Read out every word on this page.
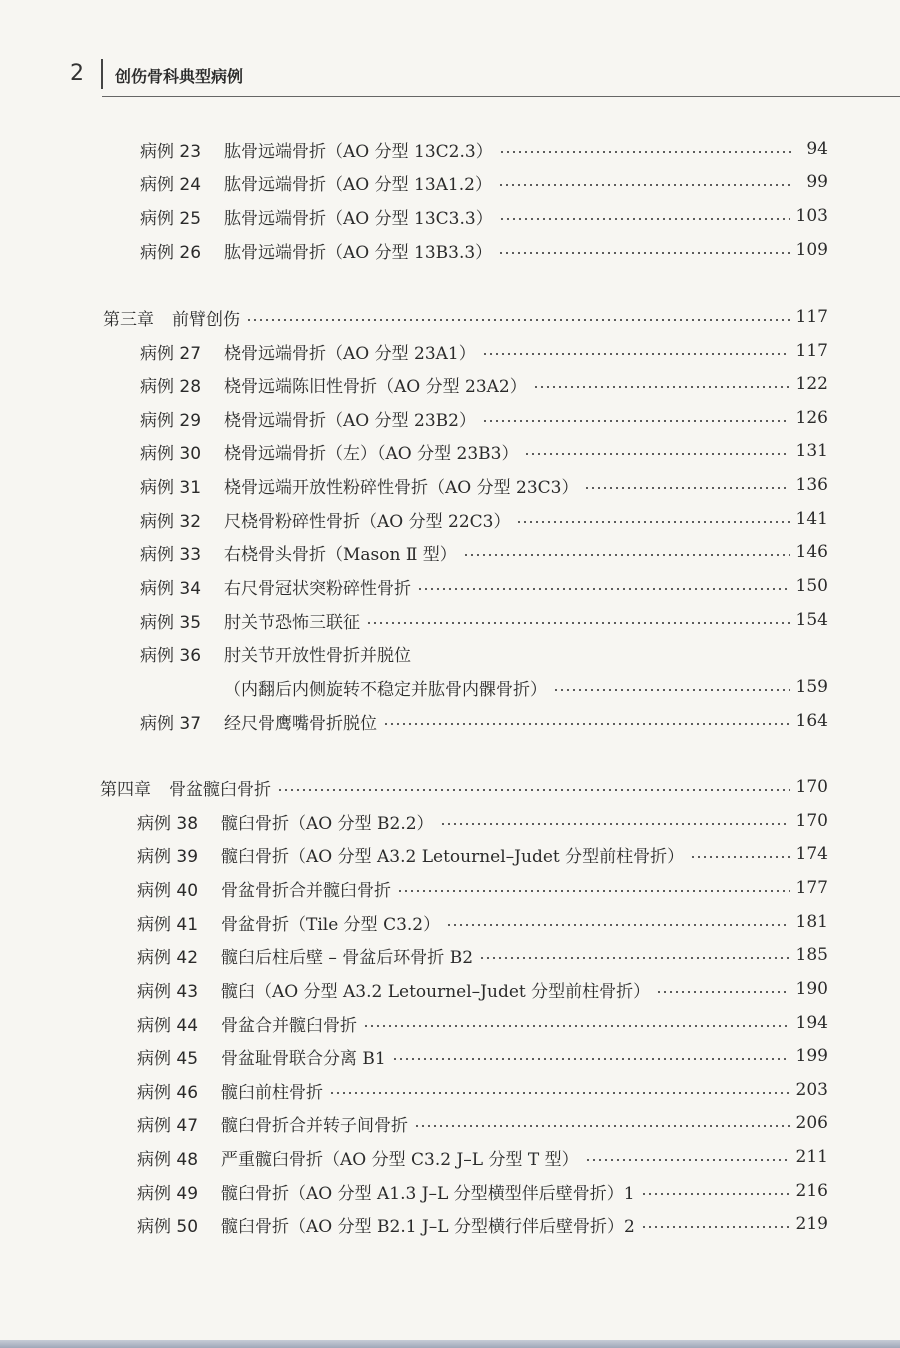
2 创伤骨科典型病例
病例 23	肱骨远端骨折（AO 分型 13C2.3）	94
病例 24	肱骨远端骨折（AO 分型 13A1.2）	99
病例 25	肱骨远端骨折（AO 分型 13C3.3）	103
病例 26	肱骨远端骨折（AO 分型 13B3.3）	109
第三章	前臂创伤	117
病例 27	桡骨远端骨折（AO 分型 23A1）	117
病例 28	桡骨远端陈旧性骨折（AO 分型 23A2）	122
病例 29	桡骨远端骨折（AO 分型 23B2）	126
病例 30	桡骨远端骨折（左）（AO 分型 23B3）	131
病例 31	桡骨远端开放性粉碎性骨折（AO 分型 23C3）	136
病例 32	尺桡骨粉碎性骨折（AO 分型 22C3）	141
病例 33	右桡骨头骨折（Mason Ⅱ 型）	146
病例 34	右尺骨冠状突粉碎性骨折	150
病例 35	肘关节恐怖三联征	154
病例 36	肘关节开放性骨折并脱位
（内翻后内侧旋转不稳定并肱骨内髁骨折）	159
病例 37	经尺骨鹰嘴骨折脱位	164
第四章	骨盆髋臼骨折	170
病例 38	髋臼骨折（AO 分型 B2.2）	170
病例 39	髋臼骨折（AO 分型 A3.2 Letournel–Judet 分型前柱骨折）	174
病例 40	骨盆骨折合并髋臼骨折	177
病例 41	骨盆骨折（Tile 分型 C3.2）	181
病例 42	髋臼后柱后壁 – 骨盆后环骨折 B2	185
病例 43	髋臼（AO 分型 A3.2 Letournel–Judet 分型前柱骨折）	190
病例 44	骨盆合并髋臼骨折	194
病例 45	骨盆耻骨联合分离 B1	199
病例 46	髋臼前柱骨折	203
病例 47	髋臼骨折合并转子间骨折	206
病例 48	严重髋臼骨折（AO 分型 C3.2 J–L 分型 T 型）	211
病例 49	髋臼骨折（AO 分型 A1.3 J–L 分型横型伴后壁骨折）1	216
病例 50	髋臼骨折（AO 分型 B2.1 J–L 分型横行伴后壁骨折）2	219
